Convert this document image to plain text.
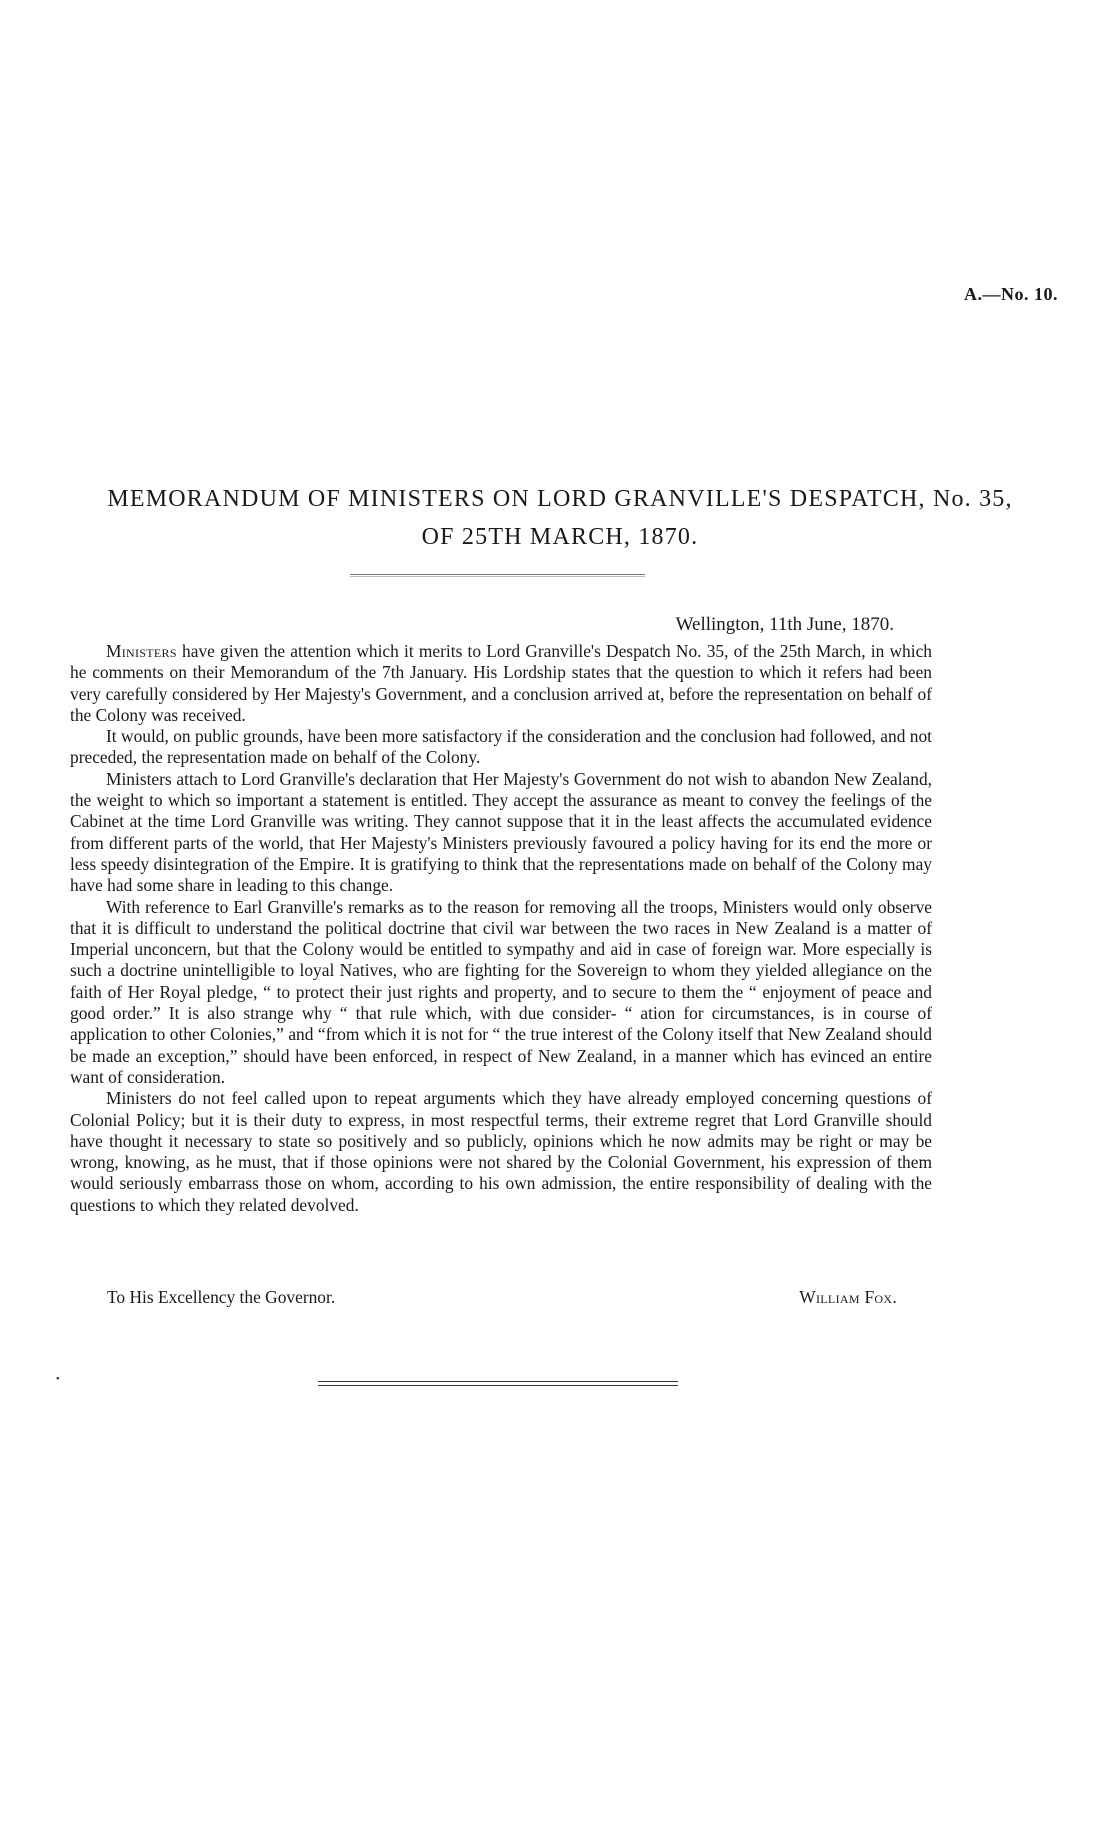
A.—No. 10.
MEMORANDUM OF MINISTERS ON LORD GRANVILLE'S DESPATCH, No. 35,
OF 25TH MARCH, 1870.
Wellington, 11th June, 1870.

Ministers have given the attention which it merits to Lord Granville's Despatch No. 35, of the 25th March, in which he comments on their Memorandum of the 7th January. His Lordship states that the question to which it refers had been very carefully considered by Her Majesty's Government, and a conclusion arrived at, before the representation on behalf of the Colony was received.

It would, on public grounds, have been more satisfactory if the consideration and the conclusion had followed, and not preceded, the representation made on behalf of the Colony.

Ministers attach to Lord Granville's declaration that Her Majesty's Government do not wish to abandon New Zealand, the weight to which so important a statement is entitled. They accept the assurance as meant to convey the feelings of the Cabinet at the time Lord Granville was writing. They cannot suppose that it in the least affects the accumulated evidence from different parts of the world, that Her Majesty's Ministers previously favoured a policy having for its end the more or less speedy disintegration of the Empire. It is gratifying to think that the representations made on behalf of the Colony may have had some share in leading to this change.

With reference to Earl Granville's remarks as to the reason for removing all the troops, Ministers would only observe that it is difficult to understand the political doctrine that civil war between the two races in New Zealand is a matter of Imperial unconcern, but that the Colony would be entitled to sympathy and aid in case of foreign war. More especially is such a doctrine unintelligible to loyal Natives, who are fighting for the Sovereign to whom they yielded allegiance on the faith of Her Royal pledge, “ to protect their just rights and property, and to secure to them the “ enjoyment of peace and good order.” It is also strange why “ that rule which, with due consider- “ ation for circumstances, is in course of application to other Colonies,” and “from which it is not for “ the true interest of the Colony itself that New Zealand should be made an exception,” should have been enforced, in respect of New Zealand, in a manner which has evinced an entire want of consideration.

Ministers do not feel called upon to repeat arguments which they have already employed concerning questions of Colonial Policy; but it is their duty to express, in most respectful terms, their extreme regret that Lord Granville should have thought it necessary to state so positively and so publicly, opinions which he now admits may be right or may be wrong, knowing, as he must, that if those opinions were not shared by the Colonial Government, his expression of them would seriously embarrass those on whom, according to his own admission, the entire responsibility of dealing with the questions to which they related devolved.

To His Excellency the Governor.	William Fox.
•
